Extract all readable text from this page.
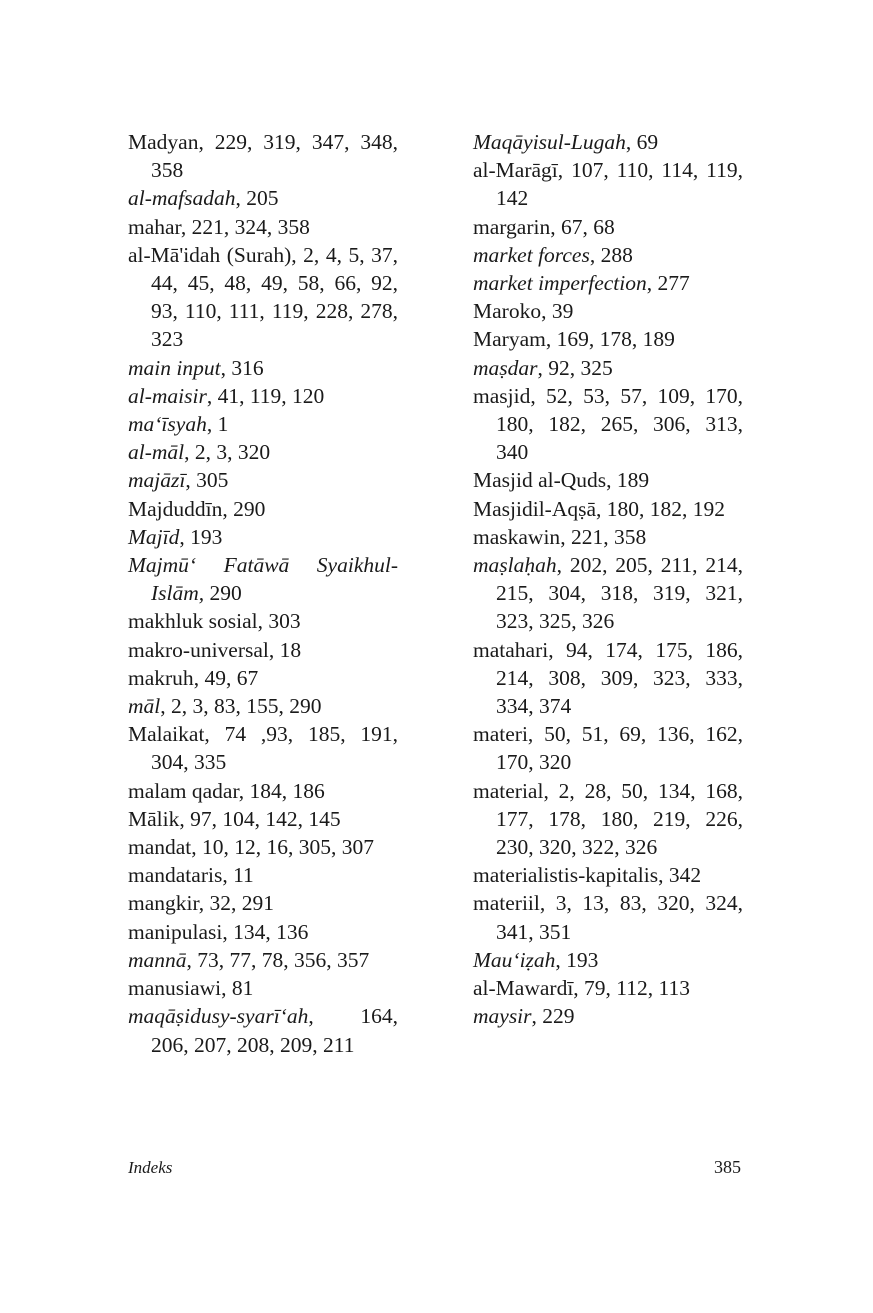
Madyan, 229, 319, 347, 348, 358
al-mafsadah, 205
mahar, 221, 324, 358
al-Mā'idah (Surah), 2, 4, 5, 37, 44, 45, 48, 49, 58, 66, 92, 93, 110, 111, 119, 228, 278, 323
main input, 316
al-maisir, 41, 119, 120
ma‘īsyah, 1
al-māl, 2, 3, 320
majāzī, 305
Majduddīn, 290
Majīd, 193
Majmū‘ Fatāwā Syaikhul-Islām, 290
makhluk sosial, 303
makro-universal, 18
makruh, 49, 67
māl, 2, 3, 83, 155, 290
Malaikat, 74 ,93, 185, 191, 304, 335
malam qadar, 184, 186
Mālik, 97, 104, 142, 145
mandat, 10, 12, 16, 305, 307
mandataris, 11
mangkir, 32, 291
manipulasi, 134, 136
mannā, 73, 77, 78, 356, 357
manusiawi, 81
maqāṣidusy-syarī‘ah, 164, 206, 207, 208, 209, 211
Maqāyisul-Lugah, 69
al-Marāgī, 107, 110, 114, 119, 142
margarin, 67, 68
market forces, 288
market imperfection, 277
Maroko, 39
Maryam, 169, 178, 189
maṣdar, 92, 325
masjid, 52, 53, 57, 109, 170, 180, 182, 265, 306, 313, 340
Masjid al-Quds, 189
Masjidil-Aqṣā, 180, 182, 192
maskawin, 221, 358
maṣlaḥah, 202, 205, 211, 214, 215, 304, 318, 319, 321, 323, 325, 326
matahari, 94, 174, 175, 186, 214, 308, 309, 323, 333, 334, 374
materi, 50, 51, 69, 136, 162, 170, 320
material, 2, 28, 50, 134, 168, 177, 178, 180, 219, 226, 230, 320, 322, 326
materialistis-kapitalis, 342
materiil, 3, 13, 83, 320, 324, 341, 351
Mau‘iẓah, 193
al-Mawardī, 79, 112, 113
maysir, 229
Indeks	385
